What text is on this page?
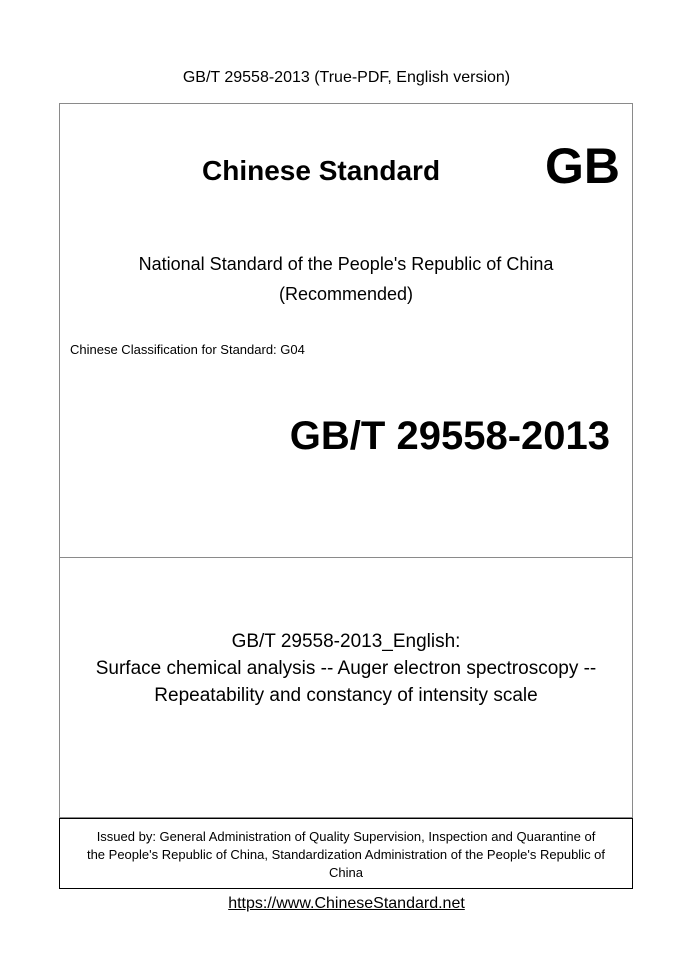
GB/T 29558-2013 (True-PDF, English version)
Chinese Standard GB
National Standard of the People's Republic of China
(Recommended)
Chinese Classification for Standard: G04
GB/T 29558-2013
GB/T 29558-2013_English:
Surface chemical analysis -- Auger electron spectroscopy --
Repeatability and constancy of intensity scale
Issued by: General Administration of Quality Supervision, Inspection and Quarantine of
the People's Republic of China, Standardization Administration of the People's Republic of
China
https://www.ChineseStandard.net
